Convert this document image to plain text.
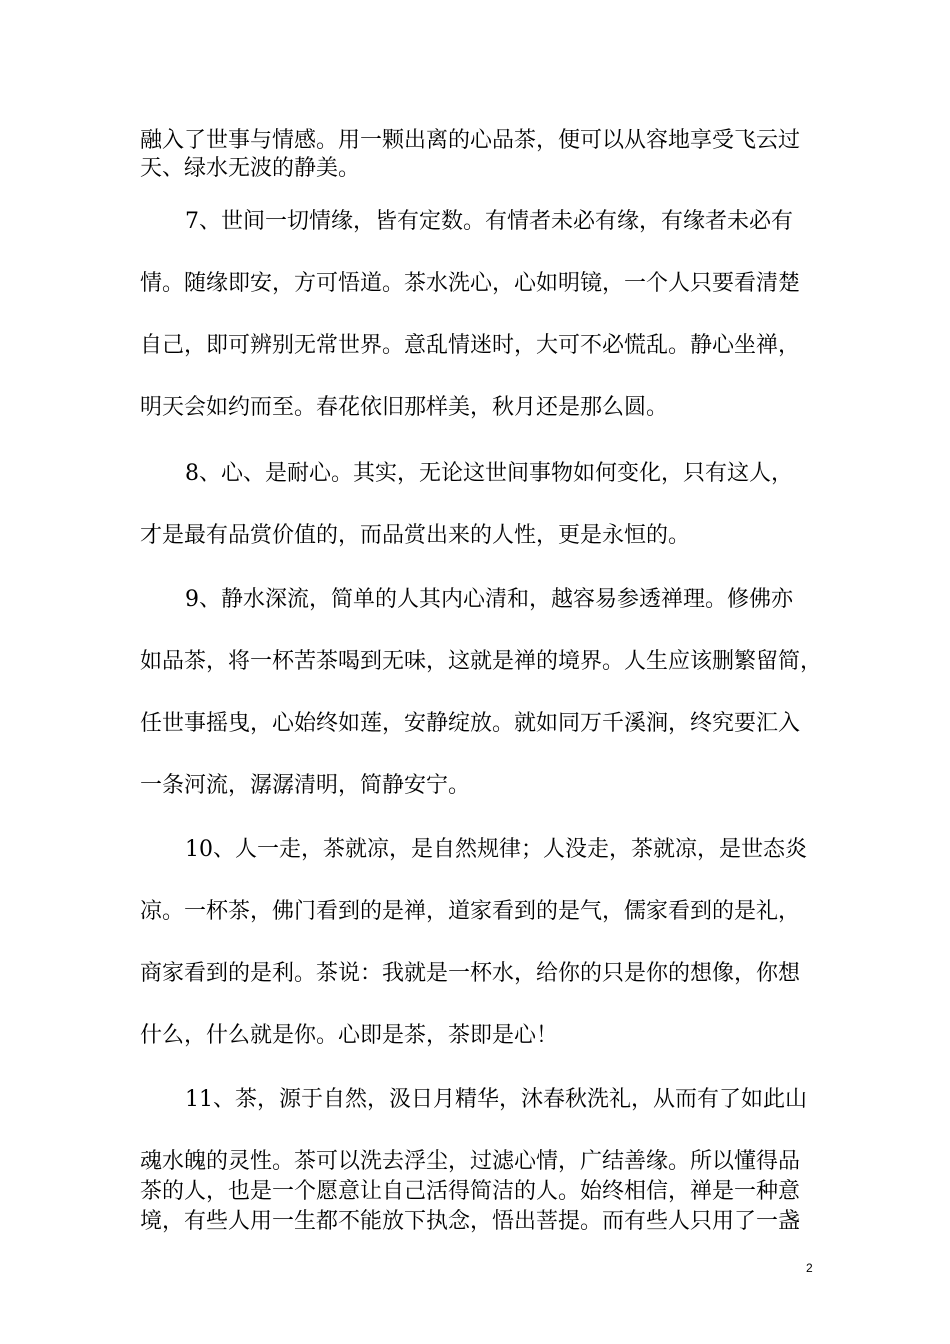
融入了世事与情感。用一颗出离的心品茶，便可以从容地享受飞云过
天、绿水无波的静美。
7、世间一切情缘，皆有定数。有情者未必有缘，有缘者未必有
情。随缘即安，方可悟道。茶水洗心，心如明镜，一个人只要看清楚
自己，即可辨别无常世界。意乱情迷时，大可不必慌乱。静心坐禅，
明天会如约而至。春花依旧那样美，秋月还是那么圆。
8、心、是耐心。其实，无论这世间事物如何变化，只有这人，
才是最有品赏价值的，而品赏出来的人性，更是永恒的。
9、静水深流，简单的人其内心清和，越容易参透禅理。修佛亦
如品茶，将一杯苦茶喝到无味，这就是禅的境界。人生应该删繁留简，
任世事摇曳，心始终如莲，安静绽放。就如同万千溪涧，终究要汇入
一条河流，潺潺清明，简静安宁。
10、人一走，茶就凉，是自然规律；人没走，茶就凉，是世态炎
凉。一杯茶，佛门看到的是禅，道家看到的是气，儒家看到的是礼，
商家看到的是利。茶说：我就是一杯水，给你的只是你的想像，你想
什么，什么就是你。心即是茶，茶即是心！
11、茶，源于自然，汲日月精华，沐春秋洗礼，从而有了如此山
魂水魄的灵性。茶可以洗去浮尘，过滤心情，广结善缘。所以懂得品
茶的人，也是一个愿意让自己活得简洁的人。始终相信，禅是一种意
境，有些人用一生都不能放下执念，悟出菩提。而有些人只用了一盏
2
